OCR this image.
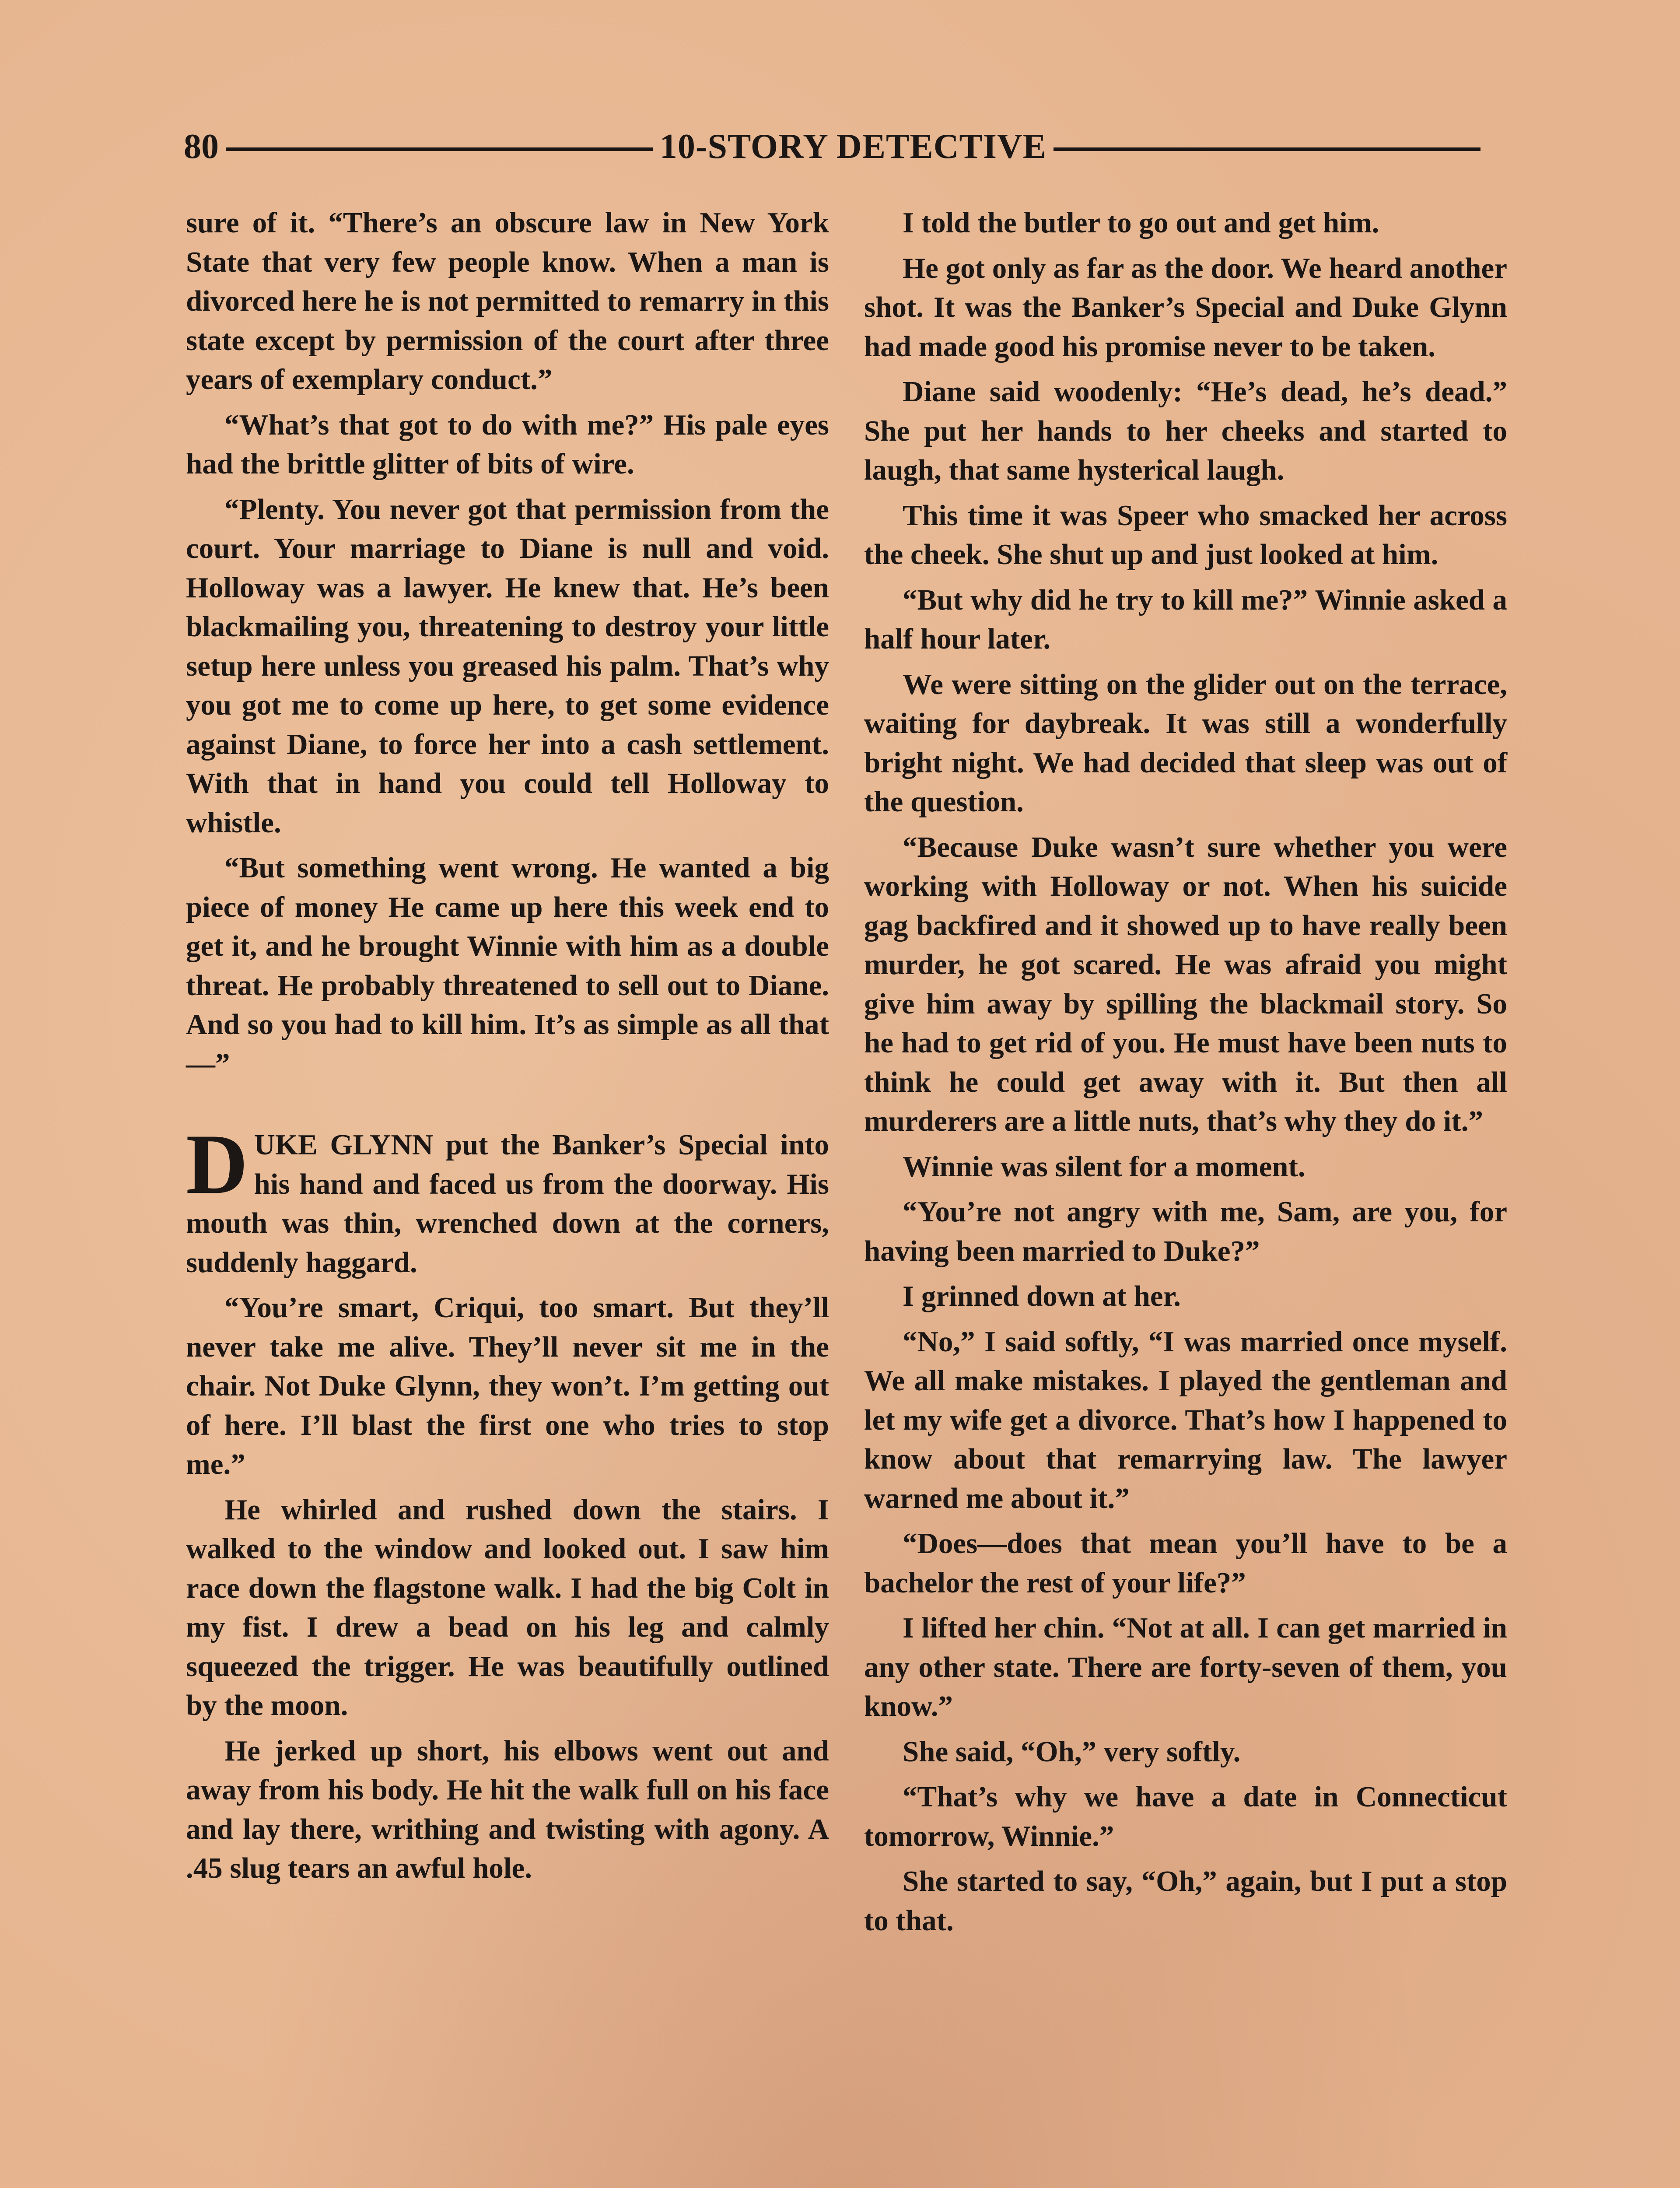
80	10-STORY DETECTIVE

sure of it. “There’s an obscure law in New York State that very few people know. When a man is divorced here he is not permitted to remarry in this state except by permission of the court after three years of exemplary conduct.”

“What’s that got to do with me?” His pale eyes had the brittle glitter of bits of wire.

“Plenty. You never got that permission from the court. Your marriage to Diane is null and void. Holloway was a lawyer. He knew that. He’s been blackmailing you, threatening to destroy your little setup here unless you greased his palm. That’s why you got me to come up here, to get some evidence against Diane, to force her into a cash settlement. With that in hand you could tell Holloway to whistle.

“But something went wrong. He wanted a big piece of money He came up here this week end to get it, and he brought Winnie with him as a double threat. He probably threatened to sell out to Diane. And so you had to kill him. It’s as simple as all that—”

DUKE GLYNN put the Banker’s Special into his hand and faced us from the doorway. His mouth was thin, wrenched down at the corners, suddenly haggard.

“You’re smart, Criqui, too smart. But they’ll never take me alive. They’ll never sit me in the chair. Not Duke Glynn, they won’t. I’m getting out of here. I’ll blast the first one who tries to stop me.”

He whirled and rushed down the stairs. I walked to the window and looked out. I saw him race down the flagstone walk. I had the big Colt in my fist. I drew a bead on his leg and calmly squeezed the trigger. He was beautifully outlined by the moon.

He jerked up short, his elbows went out and away from his body. He hit the walk full on his face and lay there, writhing and twisting with agony. A .45 slug tears an awful hole.

I told the butler to go out and get him.

He got only as far as the door. We heard another shot. It was the Banker’s Special and Duke Glynn had made good his promise never to be taken.

Diane said woodenly: “He’s dead, he’s dead.” She put her hands to her cheeks and started to laugh, that same hysterical laugh.

This time it was Speer who smacked her across the cheek. She shut up and just looked at him.

“But why did he try to kill me?” Winnie asked a half hour later.

We were sitting on the glider out on the terrace, waiting for daybreak. It was still a wonderfully bright night. We had decided that sleep was out of the question.

“Because Duke wasn’t sure whether you were working with Holloway or not. When his suicide gag backfired and it showed up to have really been murder, he got scared. He was afraid you might give him away by spilling the blackmail story. So he had to get rid of you. He must have been nuts to think he could get away with it. But then all murderers are a little nuts, that’s why they do it.”

Winnie was silent for a moment.

“You’re not angry with me, Sam, are you, for having been married to Duke?”

I grinned down at her.

“No,” I said softly, “I was married once myself. We all make mistakes. I played the gentleman and let my wife get a divorce. That’s how I happened to know about that remarrying law. The lawyer warned me about it.”

“Does—does that mean you’ll have to be a bachelor the rest of your life?”

I lifted her chin. “Not at all. I can get married in any other state. There are forty-seven of them, you know.”

She said, “Oh,” very softly.

“That’s why we have a date in Connecticut tomorrow, Winnie.”

She started to say, “Oh,” again, but I put a stop to that.
